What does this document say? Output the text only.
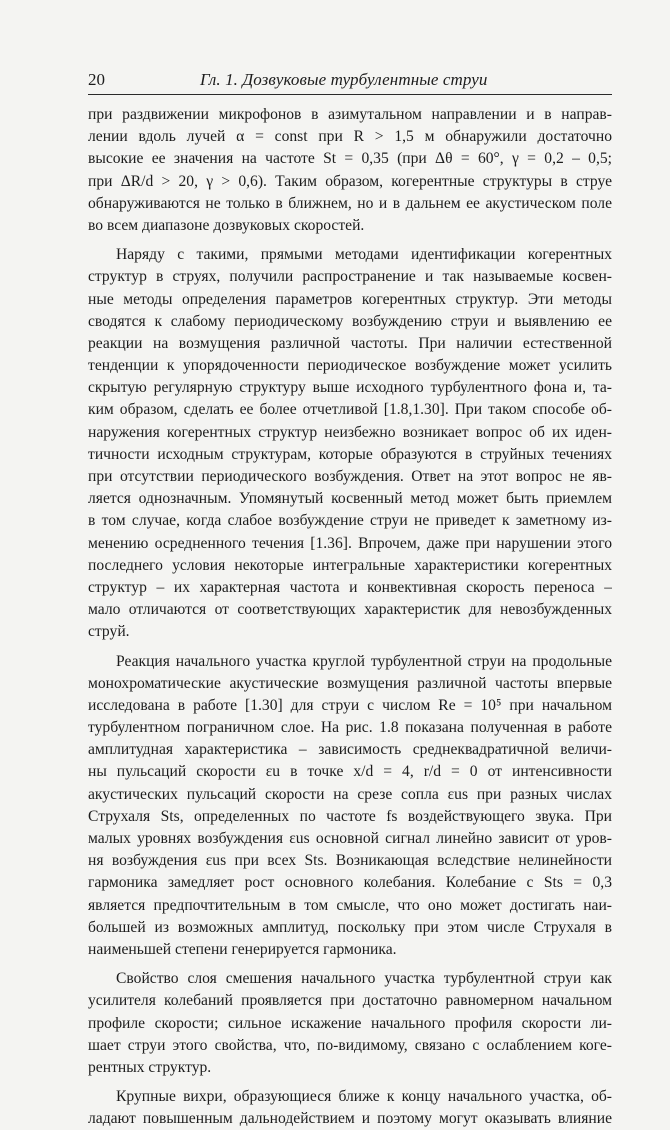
20	Гл. 1. Дозвуковые турбулентные струи
при раздвижении микрофонов в азимутальном направлении и в направ-
лении вдоль лучей α = const при R > 1,5 м обнаружили достаточно
высокие ее значения на частоте St = 0,35 (при Δθ = 60°, γ = 0,2 – 0,5;
при ΔR/d > 20, γ > 0,6). Таким образом, когерентные структуры в струе
обнаруживаются не только в ближнем, но и в дальнем ее акустическом поле
во всем диапазоне дозвуковых скоростей.
Наряду с такими, прямыми методами идентификации когерентных
структур в струях, получили распространение и так называемые косвен-
ные методы определения параметров когерентных структур. Эти методы
сводятся к слабому периодическому возбуждению струи и выявлению ее
реакции на возмущения различной частоты. При наличии естественной
тенденции к упорядоченности периодическое возбуждение может усилить
скрытую регулярную структуру выше исходного турбулентного фона и, та-
ким образом, сделать ее более отчетливой [1.8,1.30]. При таком способе об-
наружения когерентных структур неизбежно возникает вопрос об их иден-
тичности исходным структурам, которые образуются в струйных течениях
при отсутствии периодического возбуждения. Ответ на этот вопрос не яв-
ляется однозначным. Упомянутый косвенный метод может быть приемлем
в том случае, когда слабое возбуждение струи не приведет к заметному из-
менению осредненного течения [1.36]. Впрочем, даже при нарушении этого
последнего условия некоторые интегральные характеристики когерентных
структур – их характерная частота и конвективная скорость переноса –
мало отличаются от соответствующих характеристик для невозбужденных
струй.
Реакция начального участка круглой турбулентной струи на продольные
монохроматические акустические возмущения различной частоты впервые
исследована в работе [1.30] для струи с числом Re = 10⁵ при начальном
турбулентном пограничном слое. На рис. 1.8 показана полученная в работе
амплитудная характеристика – зависимость среднеквадратичной величи-
ны пульсаций скорости εu в точке x/d = 4, r/d = 0 от интенсивности
акустических пульсаций скорости на срезе сопла εus при разных числах
Струхаля Sts, определенных по частоте fs воздействующего звука. При
малых уровнях возбуждения εus основной сигнал линейно зависит от уров-
ня возбуждения εus при всех Sts. Возникающая вследствие нелинейности
гармоника замедляет рост основного колебания. Колебание с Sts = 0,3
является предпочтительным в том смысле, что оно может достигать наи-
большей из возможных амплитуд, поскольку при этом числе Струхаля в
наименьшей степени генерируется гармоника.
Свойство слоя смешения начального участка турбулентной струи как
усилителя колебаний проявляется при достаточно равномерном начальном
профиле скорости; сильное искажение начального профиля скорости ли-
шает струи этого свойства, что, по-видимому, связано с ослаблением коге-
рентных структур.
Крупные вихри, образующиеся ближе к концу начального участка, об-
ладают повышенным дальнодействием и поэтому могут оказывать влияние
